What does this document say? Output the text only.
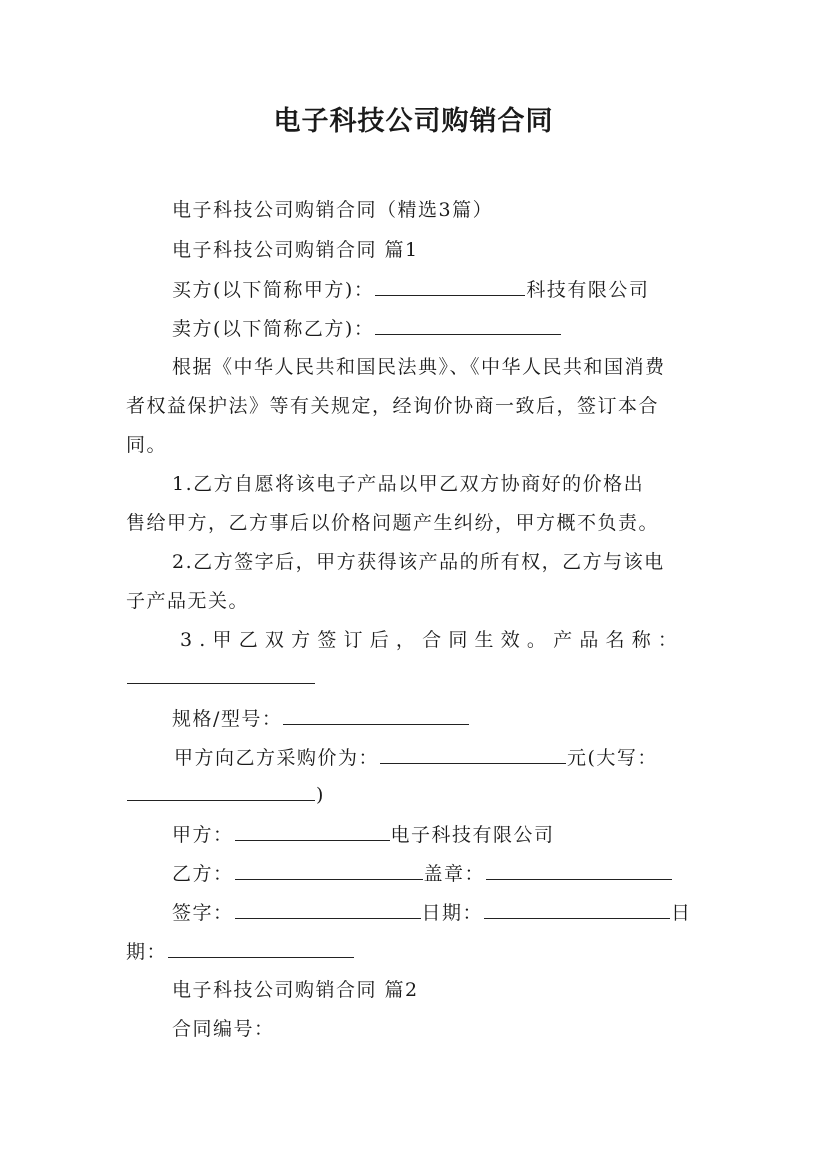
电子科技公司购销合同
电子科技公司购销合同（精选3篇）
电子科技公司购销合同 篇1
买方(以下简称甲方)：	科技有限公司
卖方(以下简称乙方)：
根据《中华人民共和国民法典》、《中华人民共和国消费
者权益保护法》等有关规定，经询价协商一致后，签订本合
同。
1.乙方自愿将该电子产品以甲乙双方协商好的价格出
售给甲方，乙方事后以价格问题产生纠纷，甲方概不负责。
2.乙方签字后，甲方获得该产品的所有权，乙方与该电
子产品无关。
3.甲乙双方签订后，合同生效。产品名称：
规格/型号：
甲方向乙方采购价为：	元(大写：
)
甲方：	电子科技有限公司
乙方：	盖章：
签字：	日期：	日
期：
电子科技公司购销合同 篇2
合同编号：
